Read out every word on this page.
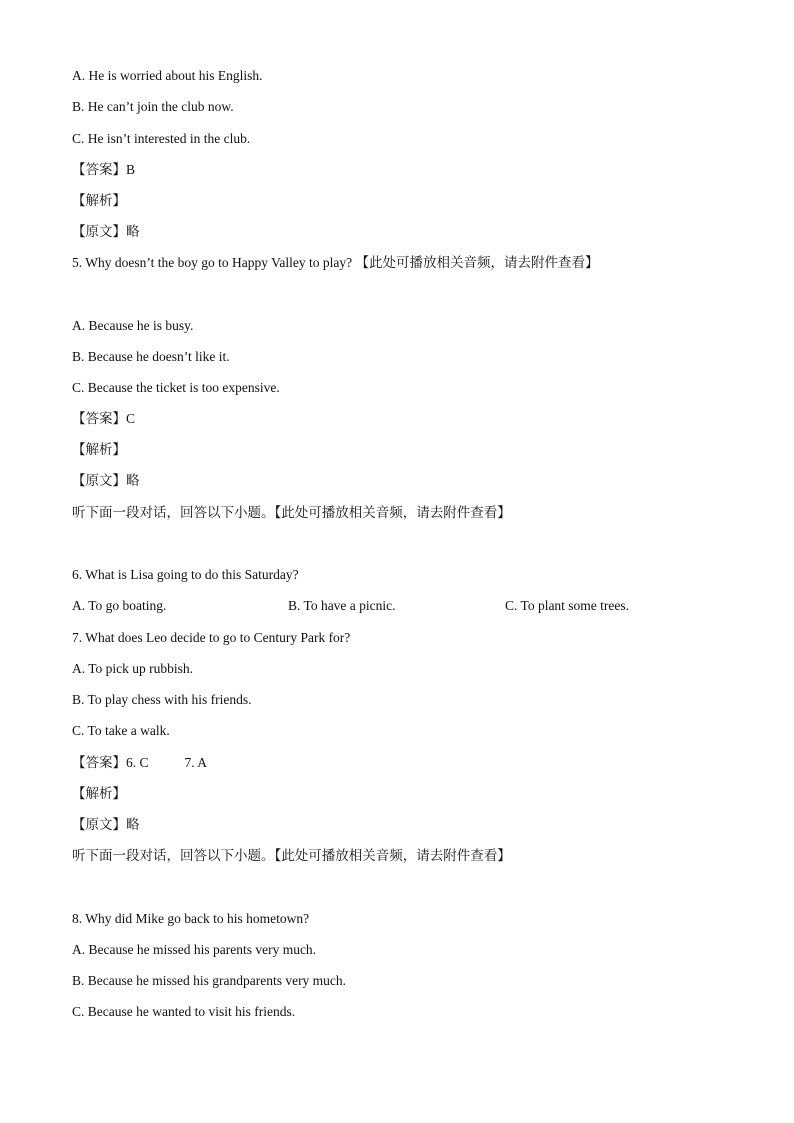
A. He is worried about his English.
B. He can’t join the club now.
C. He isn’t interested in the club.
【答案】B
【解析】
【原文】略
5. Why doesn’t the boy go to Happy Valley to play? 【此处可播放相关音频，请去附件查看】
A. Because he is busy.
B. Because he doesn’t like it.
C. Because the ticket is too expensive.
【答案】C
【解析】
【原文】略
听下面一段对话，回答以下小题。【此处可播放相关音频，请去附件查看】
6. What is Lisa going to do this Saturday?
A. To go boating.	B. To have a picnic.	C. To plant some trees.
7. What does Leo decide to go to Century Park for?
A. To pick up rubbish.
B. To play chess with his friends.
C. To take a walk.
【答案】6. C	7. A
【解析】
【原文】略
听下面一段对话，回答以下小题。【此处可播放相关音频，请去附件查看】
8. Why did Mike go back to his hometown?
A. Because he missed his parents very much.
B. Because he missed his grandparents very much.
C. Because he wanted to visit his friends.
